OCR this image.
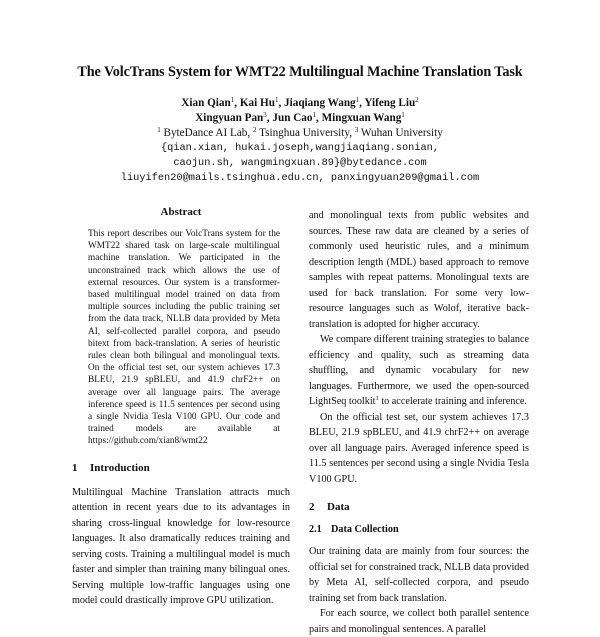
The VolcTrans System for WMT22 Multilingual Machine Translation Task
Xian Qian$^1$, Kai Hu$^1$, Jiaqiang Wang$^1$, Yifeng Liu$^2$
Xingyuan Pan$^3$, Jun Cao$^1$, Mingxuan Wang$^1$
$^1$ ByteDance AI Lab, $^2$ Tsinghua University, $^3$ Wuhan University
{qian.xian, hukai.joseph,wangjiaqiang.sonian,
caojun.sh, wangmingxuan.89}@bytedance.com
liuyifen20@mails.tsinghua.edu.cn, panxingyuan209@gmail.com
Abstract

This report describes our VolcTrans system for the WMT22 shared task on large-scale multilingual machine translation. We participated in the unconstrained track which allows the use of external resources. Our system is a transformer-based multilingual model trained on data from multiple sources including the public training set from the data track, NLLB data provided by Meta AI, self-collected parallel corpora, and pseudo bitext from back-translation. A series of heuristic rules clean both bilingual and monolingual texts. On the official test set, our system achieves 17.3 BLEU, 21.9 spBLEU, and 41.9 chrF2++ on average over all language pairs. The average inference speed is 11.5 sentences per second using a single Nvidia Tesla V100 GPU. Our code and trained models are available at https://github.com/xian8/wmt22

1 Introduction

Multilingual Machine Translation attracts much attention in recent years due to its advantages in sharing cross-lingual knowledge for low-resource languages. It also dramatically reduces training and serving costs. Training a multilingual model is much faster and simpler than training many bilingual ones. Serving multiple low-traffic languages using one model could drastically improve GPU utilization.

and monolingual texts from public websites and sources. These raw data are cleaned by a series of commonly used heuristic rules, and a minimum description length (MDL) based approach to remove samples with repeat patterns. Monolingual texts are used for back translation. For some very low-resource languages such as Wolof, iterative back-translation is adopted for higher accuracy.

We compare different training strategies to balance efficiency and quality, such as streaming data shuffling, and dynamic vocabulary for new languages. Furthermore, we used the open-sourced LightSeq toolkit$^1$ to accelerate training and inference.

On the official test set, our system achieves 17.3 BLEU, 21.9 spBLEU, and 41.9 chrF2++ on average over all language pairs. Averaged inference speed is 11.5 sentences per second using a single Nvidia Tesla V100 GPU.

2 Data
2.1 Data Collection

Our training data are mainly from four sources: the official set for constrained track, NLLB data provided by Meta AI, self-collected corpora, and pseudo training set from back translation.

For each source, we collect both parallel sentence pairs and monolingual sentences. A parallel
